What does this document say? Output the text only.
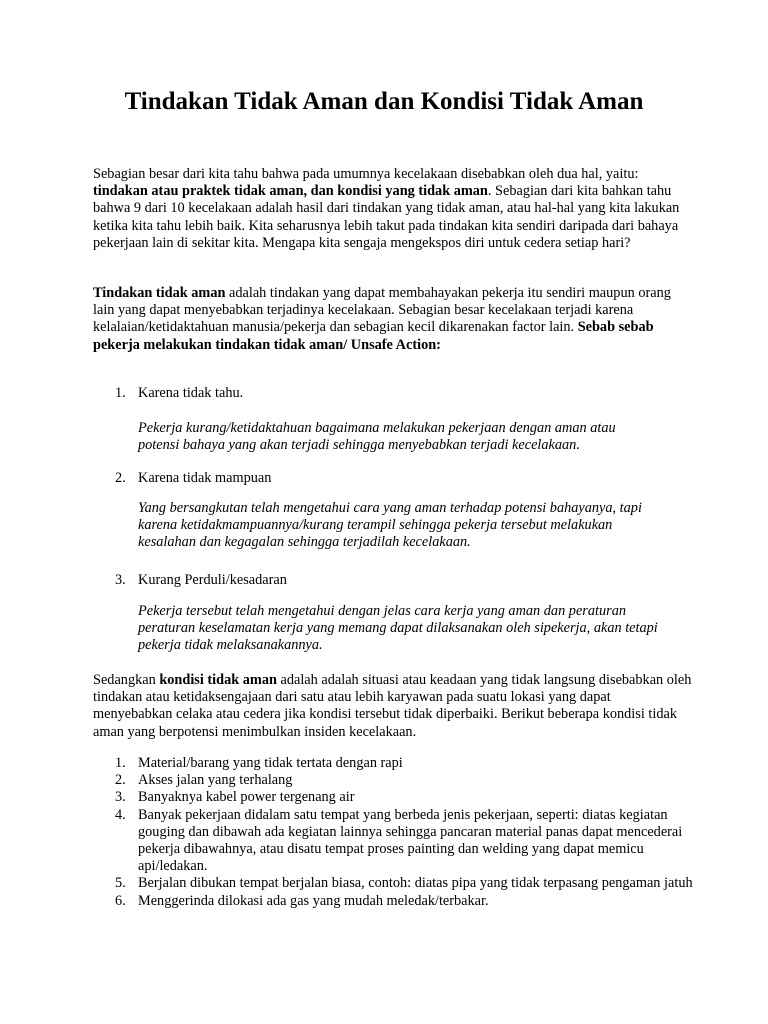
Tindakan Tidak Aman dan Kondisi Tidak Aman

Sebagian besar dari kita tahu bahwa pada umumnya kecelakaan disebabkan oleh dua hal, yaitu: tindakan atau praktek tidak aman, dan kondisi yang tidak aman. Sebagian dari kita bahkan tahu bahwa 9 dari 10 kecelakaan adalah hasil dari tindakan yang tidak aman, atau hal-hal yang kita lakukan ketika kita tahu lebih baik. Kita seharusnya lebih takut pada tindakan kita sendiri daripada dari bahaya pekerjaan lain di sekitar kita. Mengapa kita sengaja mengekspos diri untuk cedera setiap hari?

Tindakan tidak aman adalah tindakan yang dapat membahayakan pekerja itu sendiri maupun orang lain yang dapat menyebabkan terjadinya kecelakaan. Sebagian besar kecelakaan terjadi karena kelalaian/ketidaktahuan manusia/pekerja dan sebagian kecil dikarenakan factor lain. Sebab sebab pekerja melakukan tindakan tidak aman/ Unsafe Action:

1. Karena tidak tahu.
Pekerja kurang/ketidaktahuan bagaimana melakukan pekerjaan dengan aman atau potensi bahaya yang akan terjadi sehingga menyebabkan terjadi kecelakaan.
2. Karena tidak mampuan
Yang bersangkutan telah mengetahui cara yang aman terhadap potensi bahayanya, tapi karena ketidakmampuannya/kurang terampil sehingga pekerja tersebut melakukan kesalahan dan kegagalan sehingga terjadilah kecelakaan.
3. Kurang Perduli/kesadaran
Pekerja tersebut telah mengetahui dengan jelas cara kerja yang aman dan peraturan peraturan keselamatan kerja yang memang dapat dilaksanakan oleh sipekerja, akan tetapi pekerja tidak melaksanakannya.

Sedangkan kondisi tidak aman adalah adalah situasi atau keadaan yang tidak langsung disebabkan oleh tindakan atau ketidaksengajaan dari satu atau lebih karyawan pada suatu lokasi yang dapat menyebabkan celaka atau cedera jika kondisi tersebut tidak diperbaiki. Berikut beberapa kondisi tidak aman yang berpotensi menimbulkan insiden kecelakaan.

1. Material/barang yang tidak tertata dengan rapi
2. Akses jalan yang terhalang
3. Banyaknya kabel power tergenang air
4. Banyak pekerjaan didalam satu tempat yang berbeda jenis pekerjaan, seperti: diatas kegiatan gouging dan dibawah ada kegiatan lainnya sehingga pancaran material panas dapat mencederai pekerja dibawahnya, atau disatu tempat proses painting dan welding yang dapat memicu api/ledakan.
5. Berjalan dibukan tempat berjalan biasa, contoh: diatas pipa yang tidak terpasang pengaman jatuh
6. Menggerinda dilokasi ada gas yang mudah meledak/terbakar.
